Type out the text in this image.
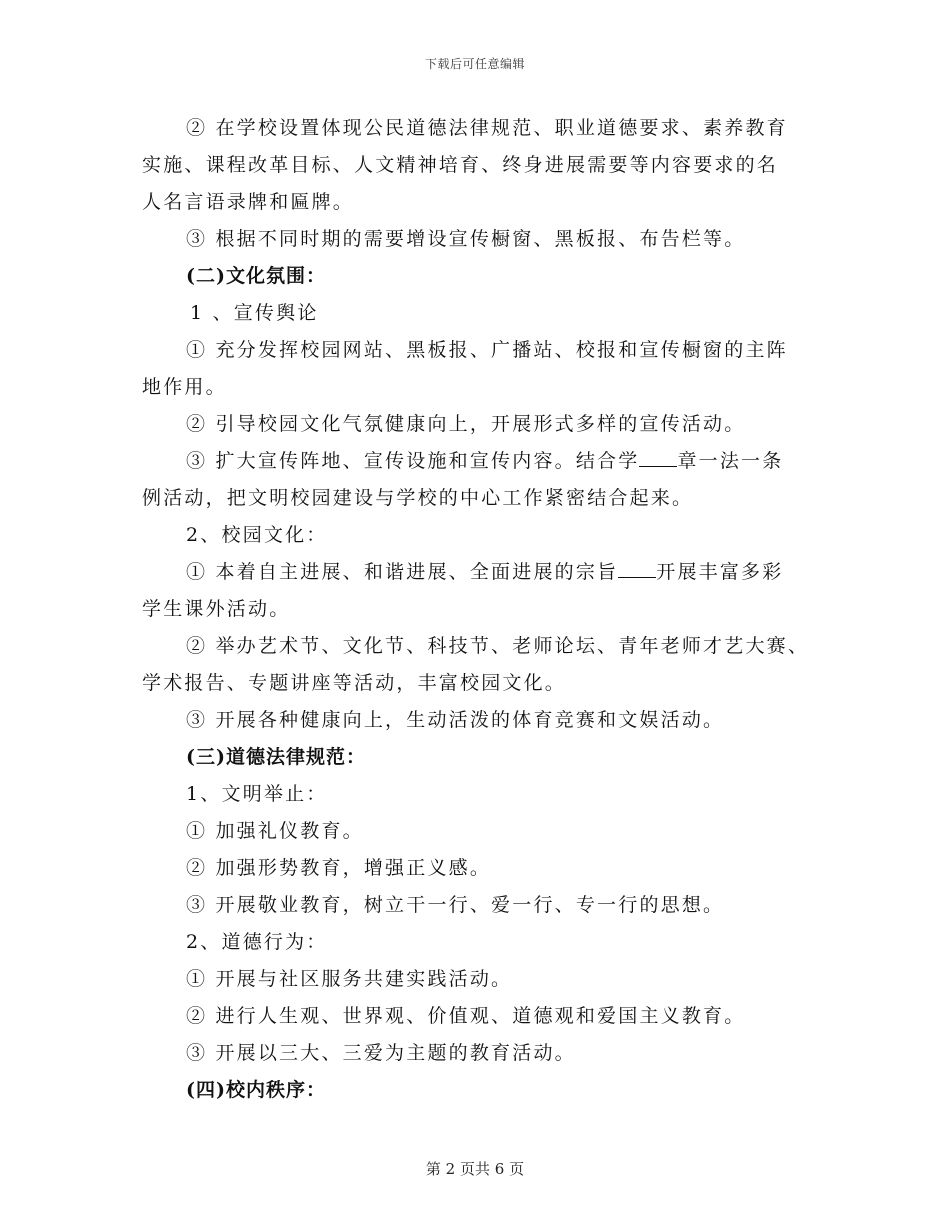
下载后可任意编辑
② 在学校设置体现公民道德法律规范、职业道德要求、素养教育
实施、课程改革目标、人文精神培育、终身进展需要等内容要求的名
人名言语录牌和匾牌。
③ 根据不同时期的需要增设宣传橱窗、黑板报、布告栏等。
(二)文化氛围：
1 、宣传舆论
① 充分发挥校园网站、黑板报、广播站、校报和宣传橱窗的主阵
地作用。
② 引导校园文化气氛健康向上，开展形式多样的宣传活动。
③ 扩大宣传阵地、宣传设施和宣传内容。结合学 章一法一条
例活动，把文明校园建设与学校的中心工作紧密结合起来。
2、校园文化：
① 本着自主进展、和谐进展、全面进展的宗旨 开展丰富多彩
学生课外活动。
② 举办艺术节、文化节、科技节、老师论坛、青年老师才艺大赛、
学术报告、专题讲座等活动，丰富校园文化。
③ 开展各种健康向上，生动活泼的体育竞赛和文娱活动。
(三)道德法律规范：
1、文明举止：
① 加强礼仪教育。
② 加强形势教育，增强正义感。
③ 开展敬业教育，树立干一行、爱一行、专一行的思想。
2、道德行为：
① 开展与社区服务共建实践活动。
② 进行人生观、世界观、价值观、道德观和爱国主义教育。
③ 开展以三大、三爱为主题的教育活动。
(四)校内秩序：
第 2 页共 6 页
